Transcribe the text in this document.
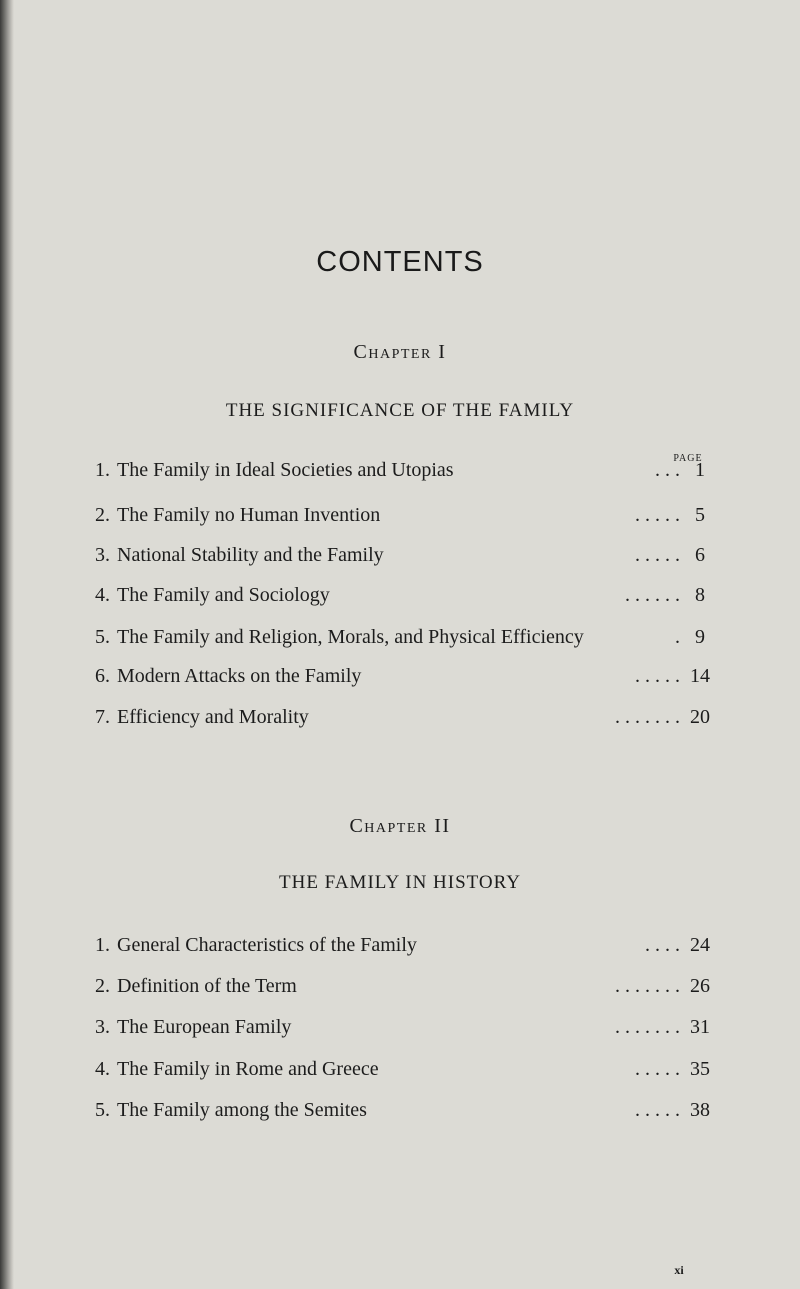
CONTENTS
Chapter I
THE SIGNIFICANCE OF THE FAMILY
PAGE
1. The Family in Ideal Societies and Utopias	. . . 1
2. The Family no Human Invention	. . . . . 5
3. National Stability and the Family	. . . . . 6
4. The Family and Sociology	. . . . . . 8
5. The Family and Religion, Morals, and Physical Efficiency	. 9
6. Modern Attacks on the Family	. . . . . 14
7. Efficiency and Morality	. . . . . . . 20
Chapter II
THE FAMILY IN HISTORY
1. General Characteristics of the Family	. . . . 24
2. Definition of the Term	. . . . . . . 26
3. The European Family	. . . . . . . 31
4. The Family in Rome and Greece	. . . . . 35
5. The Family among the Semites	. . . . . 38
xi
